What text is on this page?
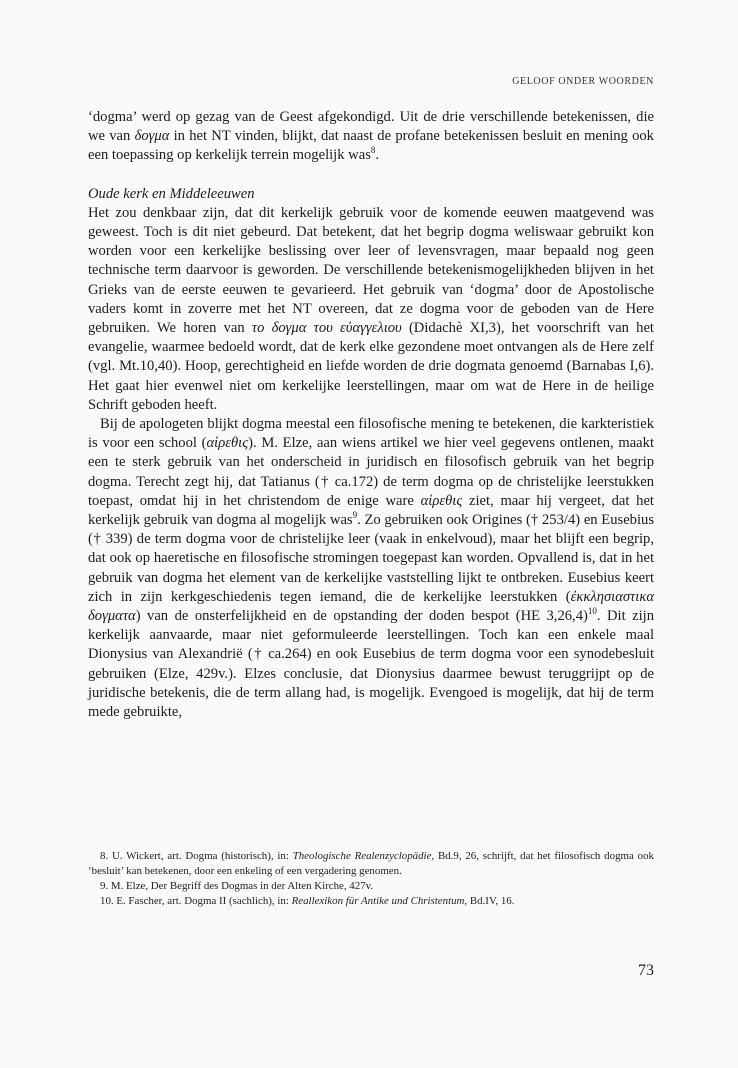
GELOOF ONDER WOORDEN

‘dogma’ werd op gezag van de Geest afgekondigd. Uit de drie verschillende betekenissen, die we van δογμα in het NT vinden, blijkt, dat naast de profane betekenissen besluit en mening ook een toepassing op kerkelijk terrein mogelijk was$^8$.

Oude kerk en Middeleeuwen

Het zou denkbaar zijn, dat dit kerkelijk gebruik voor de komende eeuwen maatgevend was geweest. Toch is dit niet gebeurd. Dat betekent, dat het begrip dogma weliswaar gebruikt kon worden voor een kerkelijke beslissing over leer of levensvragen, maar bepaald nog geen technische term daarvoor is geworden. De verschillende betekenismogelijkheden blijven in het Grieks van de eerste eeuwen te gevarieerd. Het gebruik van ‘dogma’ door de Apostolische vaders komt in zoverre met het NT overeen, dat ze dogma voor de geboden van de Here gebruiken. We horen van το δογμα του εὐαγγελιου (Didachè XI,3), het voorschrift van het evangelie, waarmee bedoeld wordt, dat de kerk elke gezondene moet ontvangen als de Here zelf (vgl. Mt.10,40). Hoop, gerechtigheid en liefde worden de drie dogmata genoemd (Barnabas I,6). Het gaat hier evenwel niet om kerkelijke leerstellingen, maar om wat de Here in de heilige Schrift geboden heeft.

Bij de apologeten blijkt dogma meestal een filosofische mening te betekenen, die karkteristiek is voor een school (αἱρεθις). M. Elze, aan wiens artikel we hier veel gegevens ontlenen, maakt een te sterk gebruik van het onderscheid in juridisch en filosofisch gebruik van het begrip dogma. Terecht zegt hij, dat Tatianus († ca.172) de term dogma op de christelijke leerstukken toepast, omdat hij in het christendom de enige ware αἱρεθις ziet, maar hij vergeet, dat het kerkelijk gebruik van dogma al mogelijk was$^9$. Zo gebruiken ook Origines († 253/4) en Eusebius († 339) de term dogma voor de christelijke leer (vaak in enkelvoud), maar het blijft een begrip, dat ook op haeretische en filosofische stromingen toegepast kan worden. Opvallend is, dat in het gebruik van dogma het element van de kerkelijke vaststelling lijkt te ontbreken. Eusebius keert zich in zijn kerkgeschiedenis tegen iemand, die de kerkelijke leerstukken (ἐκκλησιαστικα δογματα) van de onsterfelijkheid en de opstanding der doden bespot (HE 3,26,4)$^{10}$. Dit zijn kerkelijk aanvaarde, maar niet geformuleerde leerstellingen. Toch kan een enkele maal Dionysius van Alexandrië († ca.264) en ook Eusebius de term dogma voor een synodebesluit gebruiken (Elze, 429v.). Elzes conclusie, dat Dionysius daarmee bewust teruggrijpt op de juridische betekenis, die de term allang had, is mogelijk. Evengoed is mogelijk, dat hij de term mede gebruikte,

8. U. Wickert, art. Dogma (historisch), in: Theologische Realenzyclopädie, Bd.9, 26, schrijft, dat het filosofisch dogma ook ‘besluit’ kan betekenen, door een enkeling of een vergadering genomen.

9. M. Elze, Der Begriff des Dogmas in der Alten Kirche, 427v.

10. E. Fascher, art. Dogma II (sachlich), in: Reallexikon für Antike und Christentum, Bd.IV, 16.

73
